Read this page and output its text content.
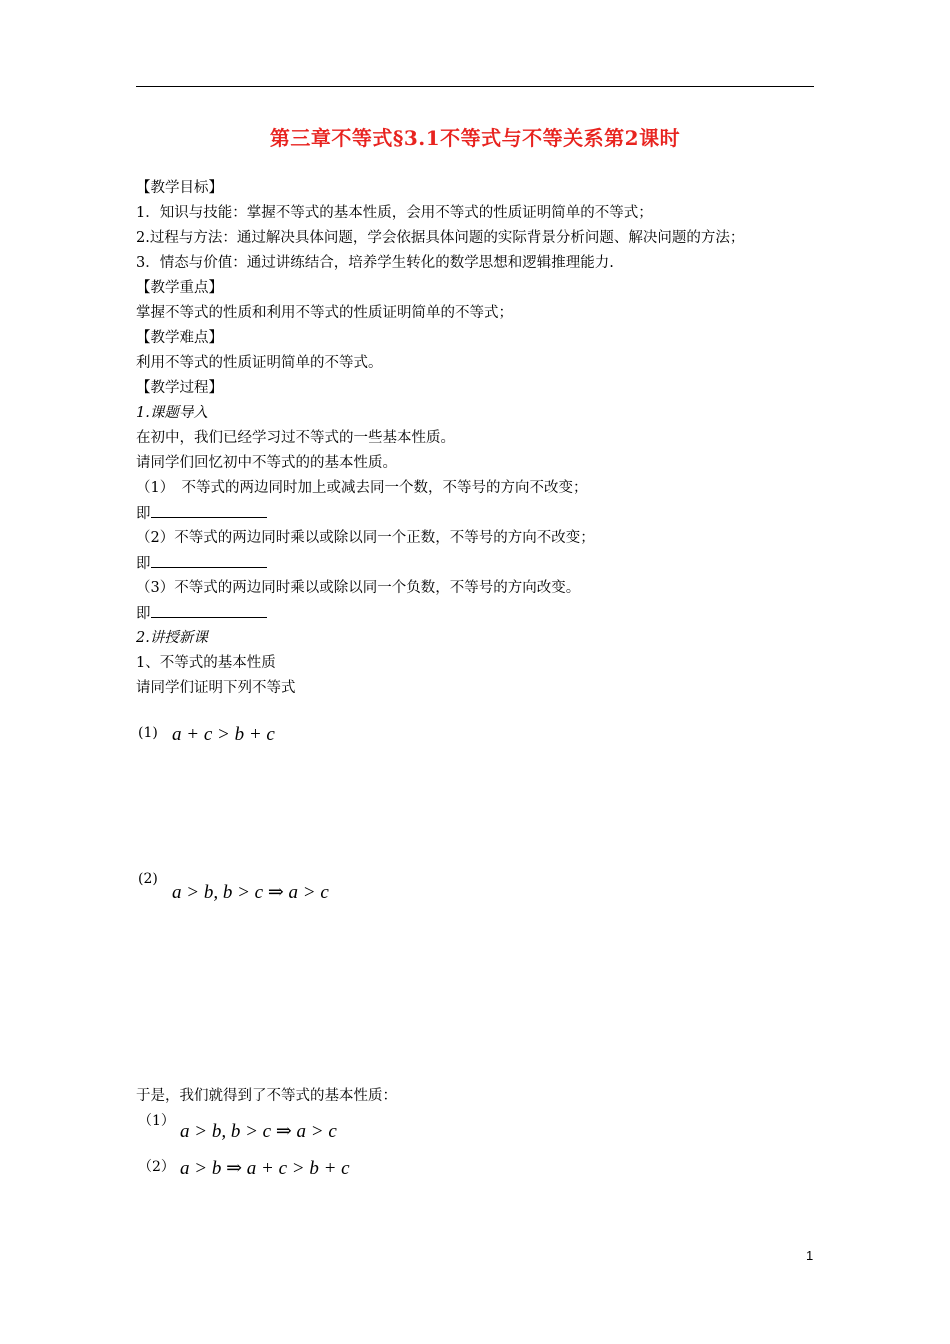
第三章不等式§3.1不等式与不等关系第2课时
【教学目标】
1．知识与技能：掌握不等式的基本性质，会用不等式的性质证明简单的不等式；
2.过程与方法：通过解决具体问题，学会依据具体问题的实际背景分析问题、解决问题的方法；
3．情态与价值：通过讲练结合，培养学生转化的数学思想和逻辑推理能力.
【教学重点】
掌握不等式的性质和利用不等式的性质证明简单的不等式；
【教学难点】
利用不等式的性质证明简单的不等式。
【教学过程】
1.课题导入
在初中，我们已经学习过不等式的一些基本性质。
请同学们回忆初中不等式的的基本性质。
（1）　不等式的两边同时加上或减去同一个数，不等号的方向不改变；
即
（2）不等式的两边同时乘以或除以同一个正数，不等号的方向不改变；
即
（3）不等式的两边同时乘以或除以同一个负数，不等号的方向改变。
即
2.讲授新课
1、不等式的基本性质
请同学们证明下列不等式
(1) a + c > b + c
(2)
a > b, b > c ⇒ a > c
于是，我们就得到了不等式的基本性质：
（1） a > b, b > c ⇒ a > c
（2） a > b ⇒ a + c > b + c
1
